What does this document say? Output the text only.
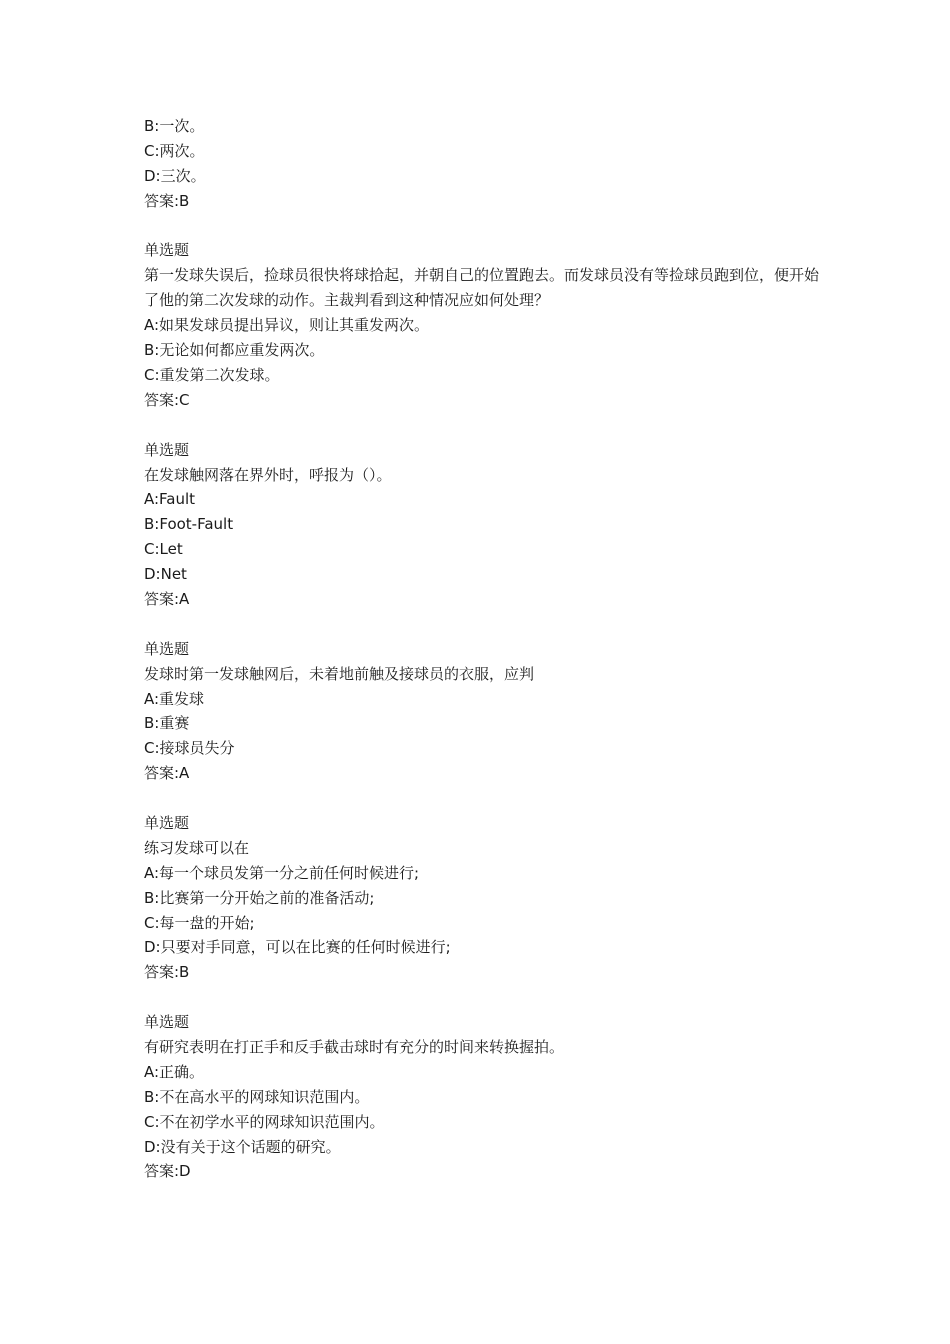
B:一次。
C:两次。
D:三次。
答案:B
单选题
第一发球失误后，捡球员很快将球拾起，并朝自己的位置跑去。而发球员没有等捡球员跑到位，便开始了他的第二次发球的动作。主裁判看到这种情况应如何处理？
A:如果发球员提出异议，则让其重发两次。
B:无论如何都应重发两次。
C:重发第二次发球。
答案:C
单选题
在发球触网落在界外时，呼报为（）。
A:Fault
B:Foot-Fault
C:Let
D:Net
答案:A
单选题
发球时第一发球触网后，未着地前触及接球员的衣服，应判
A:重发球
B:重赛
C:接球员失分
答案:A
单选题
练习发球可以在
A:每一个球员发第一分之前任何时候进行;
B:比赛第一分开始之前的准备活动;
C:每一盘的开始;
D:只要对手同意，可以在比赛的任何时候进行;
答案:B
单选题
有研究表明在打正手和反手截击球时有充分的时间来转换握拍。
A:正确。
B:不在高水平的网球知识范围内。
C:不在初学水平的网球知识范围内。
D:没有关于这个话题的研究。
答案:D
